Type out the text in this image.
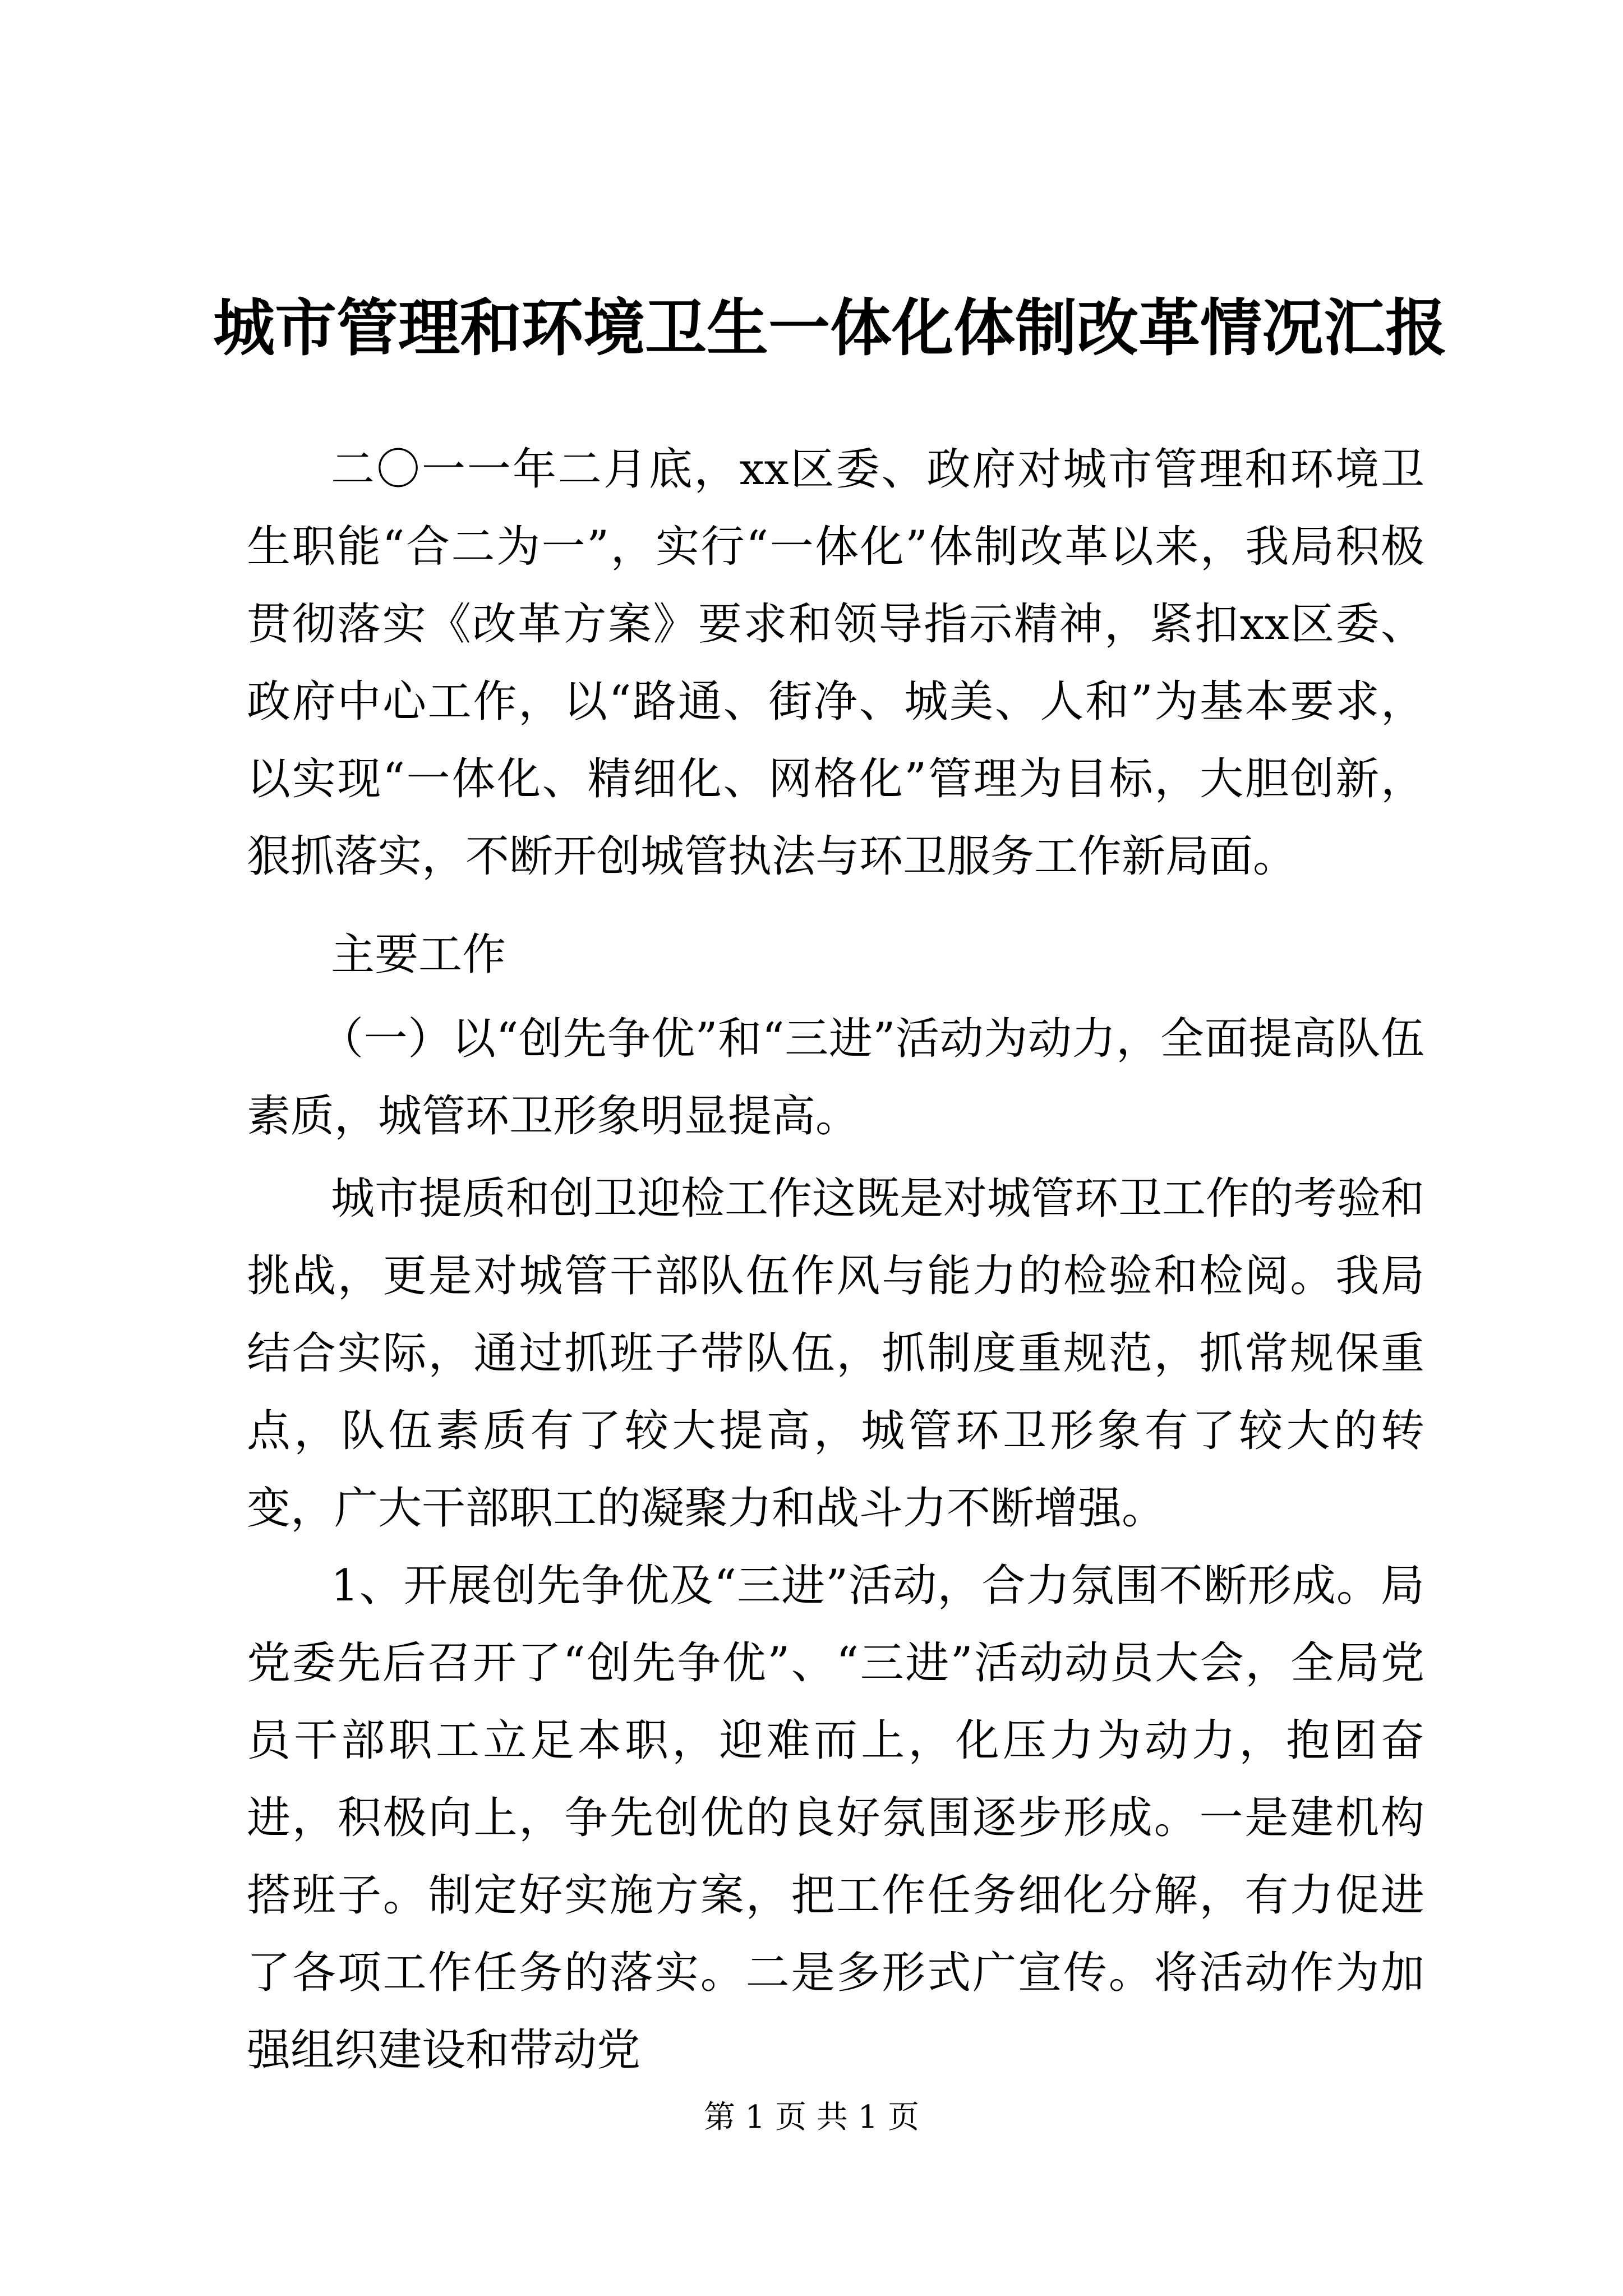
城市管理和环境卫生一体化体制改革情况汇报

二〇一一年二月底，xx区委、政府对城市管理和环境卫生职能“合二为一”，实行“一体化”体制改革以来，我局积极贯彻落实《改革方案》要求和领导指示精神，紧扣xx区委、政府中心工作，以“路通、街净、城美、人和”为基本要求，以实现“一体化、精细化、网格化”管理为目标，大胆创新，狠抓落实，不断开创城管执法与环卫服务工作新局面。

主要工作

（一）以“创先争优”和“三进”活动为动力，全面提高队伍素质，城管环卫形象明显提高。

城市提质和创卫迎检工作这既是对城管环卫工作的考验和挑战，更是对城管干部队伍作风与能力的检验和检阅。我局结合实际，通过抓班子带队伍，抓制度重规范，抓常规保重点，队伍素质有了较大提高，城管环卫形象有了较大的转变，广大干部职工的凝聚力和战斗力不断增强。

1、开展创先争优及“三进”活动，合力氛围不断形成。局党委先后召开了“创先争优”、“三进”活动动员大会，全局党员干部职工立足本职，迎难而上，化压力为动力，抱团奋进，积极向上，争先创优的良好氛围逐步形成。一是建机构搭班子。制定好实施方案，把工作任务细化分解，有力促进了各项工作任务的落实。二是多形式广宣传。将活动作为加强组织建设和带动党

第 1 页 共 1 页
